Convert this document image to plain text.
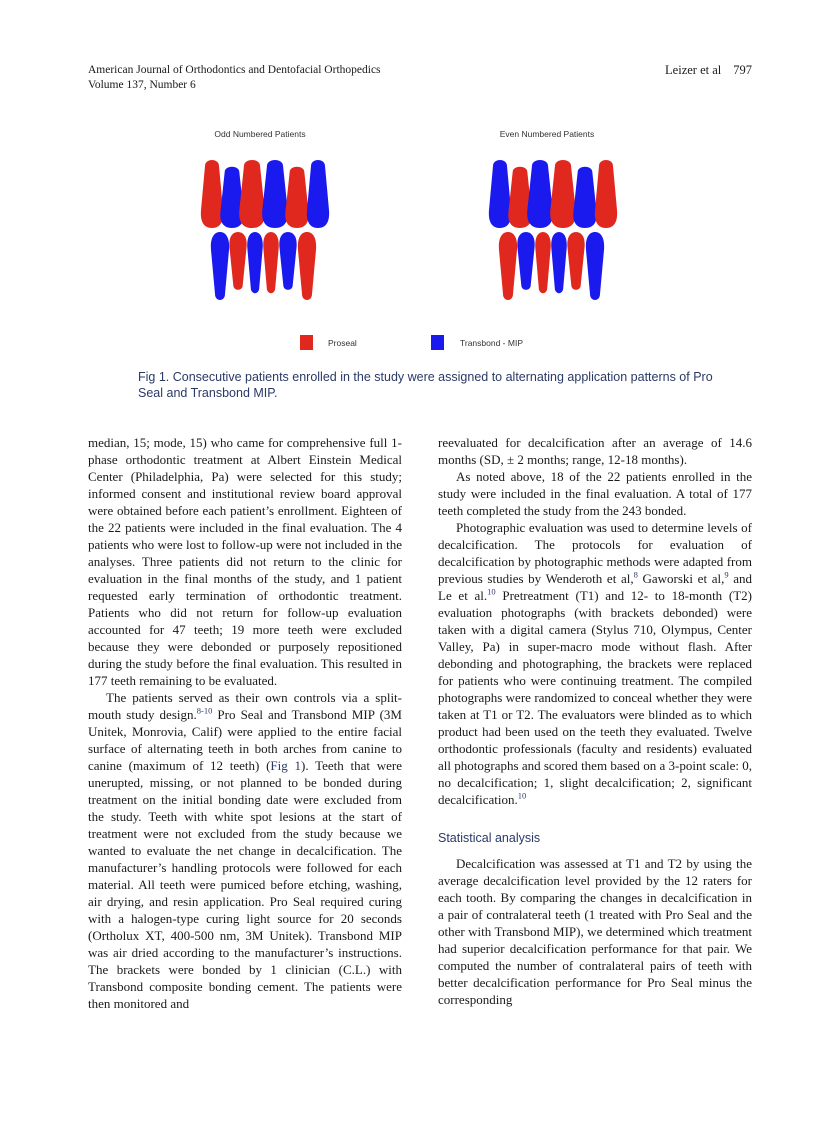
American Journal of Orthodontics and Dentofacial Orthopedics
Volume 137, Number 6
Leizer et al 797
Odd Numbered Patients	Even Numbered Patients
Proseal	Transbond - MIP
Fig 1. Consecutive patients enrolled in the study were assigned to alternating application patterns of Pro Seal and Transbond MIP.

median, 15; mode, 15) who came for comprehensive full 1-phase orthodontic treatment at Albert Einstein Medical Center (Philadelphia, Pa) were selected for this study; informed consent and institutional review board approval were obtained before each patient’s enrollment. Eighteen of the 22 patients were included in the final evaluation. The 4 patients who were lost to follow-up were not included in the analyses. Three patients did not return to the clinic for evaluation in the final months of the study, and 1 patient requested early termination of orthodontic treatment. Patients who did not return for follow-up evaluation accounted for 47 teeth; 19 more teeth were excluded because they were debonded or purposely repositioned during the study before the final evaluation. This resulted in 177 teeth remaining to be evaluated.

The patients served as their own controls via a split-mouth study design.$^{8-10}$ Pro Seal and Transbond MIP (3M Unitek, Monrovia, Calif) were applied to the entire facial surface of alternating teeth in both arches from canine to canine (maximum of 12 teeth) (Fig 1). Teeth that were unerupted, missing, or not planned to be bonded during treatment on the initial bonding date were excluded from the study. Teeth with white spot lesions at the start of treatment were not excluded from the study because we wanted to evaluate the net change in decalcification. The manufacturer’s handling protocols were followed for each material. All teeth were pumiced before etching, washing, air drying, and resin application. Pro Seal required curing with a halogen-type curing light source for 20 seconds (Ortholux XT, 400-500 nm, 3M Unitek). Transbond MIP was air dried according to the manufacturer’s instructions. The brackets were bonded by 1 clinician (C.L.) with Transbond composite bonding cement. The patients were then monitored and

reevaluated for decalcification after an average of 14.6 months (SD, ± 2 months; range, 12-18 months).

As noted above, 18 of the 22 patients enrolled in the study were included in the final evaluation. A total of 177 teeth completed the study from the 243 bonded.

Photographic evaluation was used to determine levels of decalcification. The protocols for evaluation of decalcification by photographic methods were adapted from previous studies by Wenderoth et al,$^8$ Gaworski et al,$^9$ and Le et al.$^{10}$ Pretreatment (T1) and 12- to 18-month (T2) evaluation photographs (with brackets debonded) were taken with a digital camera (Stylus 710, Olympus, Center Valley, Pa) in super-macro mode without flash. After debonding and photographing, the brackets were replaced for patients who were continuing treatment. The compiled photographs were randomized to conceal whether they were taken at T1 or T2. The evaluators were blinded as to which product had been used on the teeth they evaluated. Twelve orthodontic professionals (faculty and residents) evaluated all photographs and scored them based on a 3-point scale: 0, no decalcification; 1, slight decalcification; 2, significant decalcification.$^{10}$

Statistical analysis

Decalcification was assessed at T1 and T2 by using the average decalcification level provided by the 12 raters for each tooth. By comparing the changes in decalcification in a pair of contralateral teeth (1 treated with Pro Seal and the other with Transbond MIP), we determined which treatment had superior decalcification performance for that pair. We computed the number of contralateral pairs of teeth with better decalcification performance for Pro Seal minus the corresponding
